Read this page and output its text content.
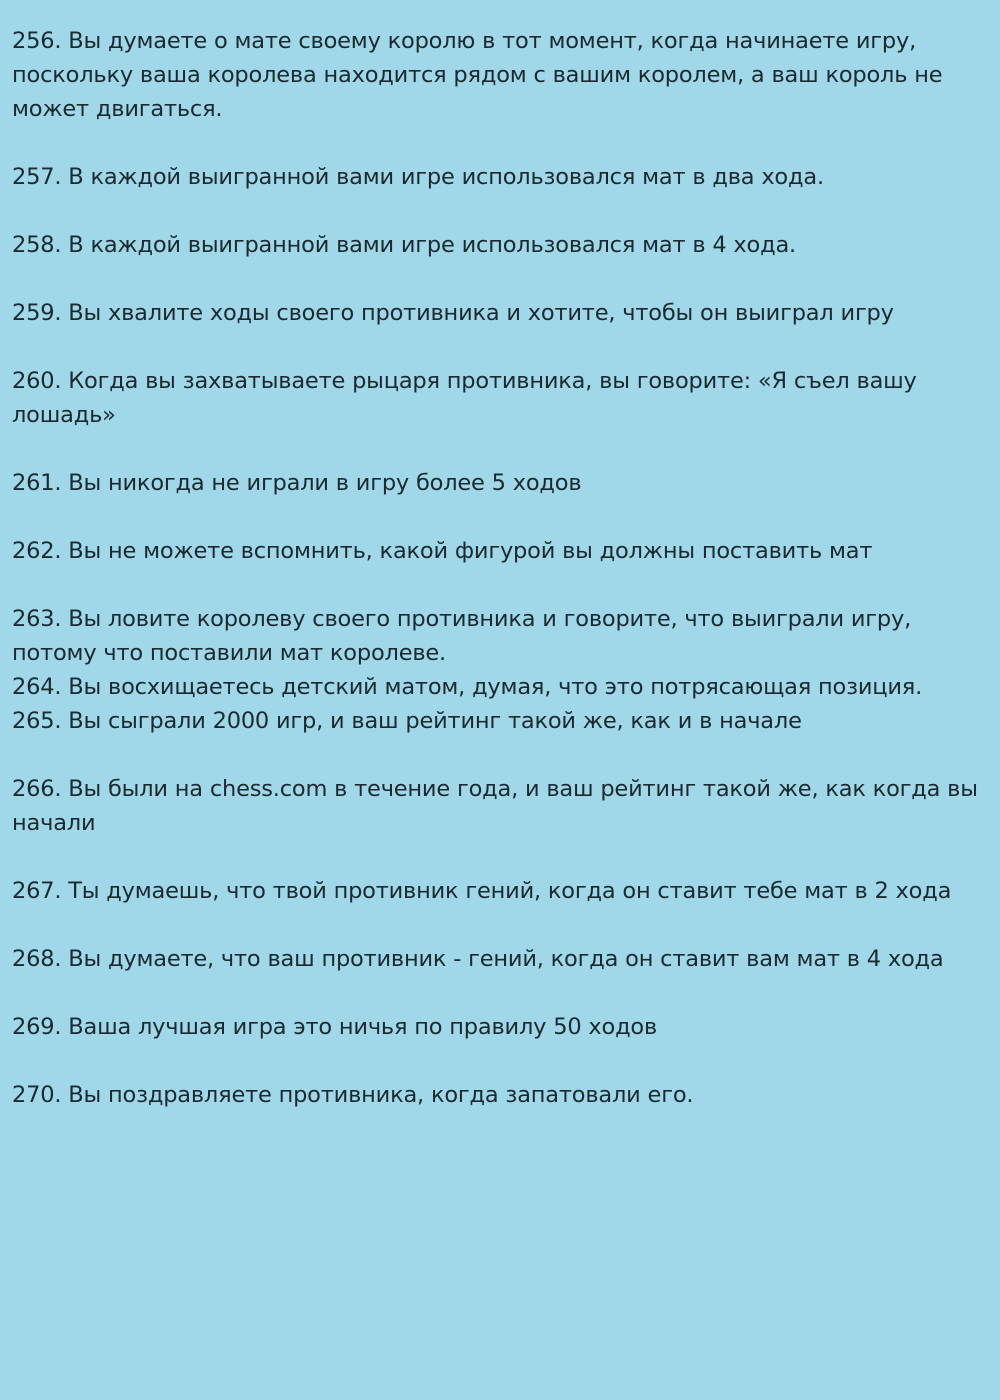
256. Вы думаете о мате своему королю в тот момент, когда начинаете игру, поскольку ваша королева находится рядом с вашим королем, а ваш король не может двигаться.

257. В каждой выигранной вами игре использовался мат в два хода.

258. В каждой выигранной вами игре использовался мат в 4 хода.

259. Вы хвалите ходы своего противника и хотите, чтобы он выиграл игру

260. Когда вы захватываете рыцаря противника, вы говорите: «Я съел вашу лошадь»

261. Вы никогда не играли в игру более 5 ходов

262. Вы не можете вспомнить, какой фигурой вы должны поставить мат

263. Вы ловите королеву своего противника и говорите, что выиграли игру, потому что поставили мат королеве.

264. Вы восхищаетесь детский матом, думая, что это потрясающая позиция.

265. Вы сыграли 2000 игр, и ваш рейтинг такой же, как и в начале

266. Вы были на chess.com в течение года, и ваш рейтинг такой же, как когда вы начали

267. Ты думаешь, что твой противник гений, когда он ставит тебе мат в 2 хода

268. Вы думаете, что ваш противник - гений, когда он ставит вам мат в 4 хода

269. Ваша лучшая игра это ничья по правилу 50 ходов

270. Вы поздравляете противника, когда запатовали его.
